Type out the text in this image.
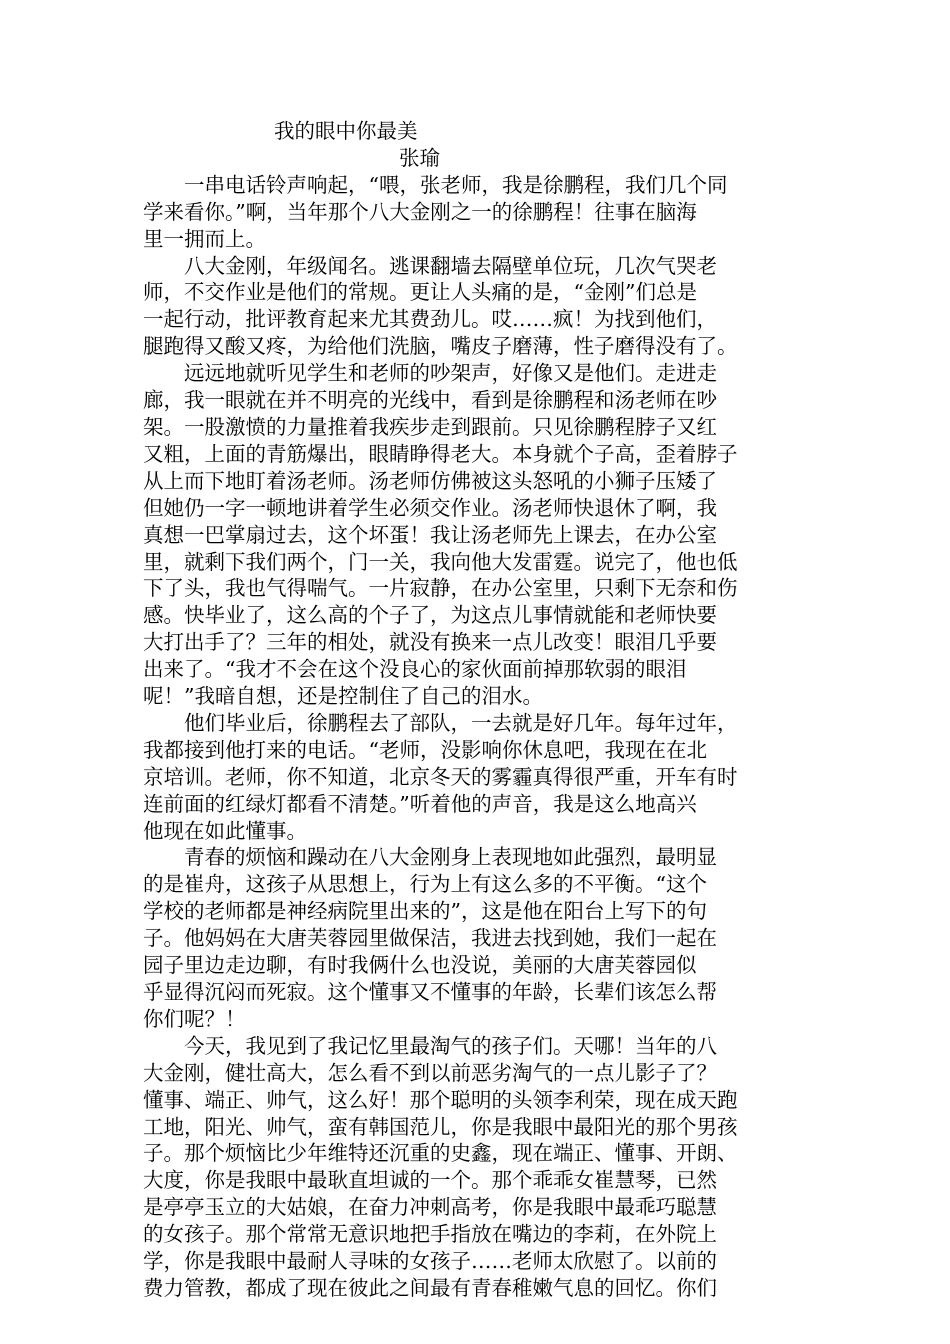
我的眼中你最美
张瑜

一串电话铃声响起，“喂，张老师，我是徐鹏程，我们几个同

学来看你。”啊，当年那个八大金刚之一的徐鹏程！往事在脑海

里一拥而上。

八大金刚，年级闻名。逃课翻墙去隔壁单位玩，几次气哭老

师，不交作业是他们的常规。更让人头痛的是，“金刚”们总是

一起行动，批评教育起来尤其费劲儿。哎……疯！为找到他们，

腿跑得又酸又疼，为给他们洗脑，嘴皮子磨薄，性子磨得没有了。

远远地就听见学生和老师的吵架声，好像又是他们。走进走

廊，我一眼就在并不明亮的光线中，看到是徐鹏程和汤老师在吵

架。一股激愤的力量推着我疾步走到跟前。只见徐鹏程脖子又红

又粗，上面的青筋爆出，眼睛睁得老大。本身就个子高，歪着脖子

从上而下地盯着汤老师。汤老师仿佛被这头怒吼的小狮子压矮了

但她仍一字一顿地讲着学生必须交作业。汤老师快退休了啊，我

真想一巴掌扇过去，这个坏蛋！我让汤老师先上课去，在办公室

里，就剩下我们两个，门一关，我向他大发雷霆。说完了，他也低

下了头，我也气得喘气。一片寂静，在办公室里，只剩下无奈和伤

感。快毕业了，这么高的个子了，为这点儿事情就能和老师快要

大打出手了？三年的相处，就没有换来一点儿改变！眼泪几乎要

出来了。“我才不会在这个没良心的家伙面前掉那软弱的眼泪

呢！”我暗自想，还是控制住了自己的泪水。

他们毕业后，徐鹏程去了部队，一去就是好几年。每年过年，

我都接到他打来的电话。“老师，没影响你休息吧，我现在在北

京培训。老师，你不知道，北京冬天的雾霾真得很严重，开车有时

连前面的红绿灯都看不清楚。”听着他的声音，我是这么地高兴

他现在如此懂事。

青春的烦恼和躁动在八大金刚身上表现地如此强烈，最明显

的是崔舟，这孩子从思想上，行为上有这么多的不平衡。“这个

学校的老师都是神经病院里出来的”，这是他在阳台上写下的句

子。他妈妈在大唐芙蓉园里做保洁，我进去找到她，我们一起在

园子里边走边聊，有时我俩什么也没说，美丽的大唐芙蓉园似

乎显得沉闷而死寂。这个懂事又不懂事的年龄，长辈们该怎么帮

你们呢？！

今天，我见到了我记忆里最淘气的孩子们。天哪！当年的八

大金刚，健壮高大，怎么看不到以前恶劣淘气的一点儿影子了？

懂事、端正、帅气，这么好！那个聪明的头领李利荣，现在成天跑

工地，阳光、帅气，蛮有韩国范儿，你是我眼中最阳光的那个男孩

子。那个烦恼比少年维特还沉重的史鑫，现在端正、懂事、开朗、

大度，你是我眼中最耿直坦诚的一个。那个乖乖女崔慧琴，已然

是亭亭玉立的大姑娘，在奋力冲刺高考，你是我眼中最乖巧聪慧

的女孩子。那个常常无意识地把手指放在嘴边的李莉，在外院上

学，你是我眼中最耐人寻味的女孩子……老师太欣慰了。以前的

费力管教，都成了现在彼此之间最有青春稚嫩气息的回忆。你们
